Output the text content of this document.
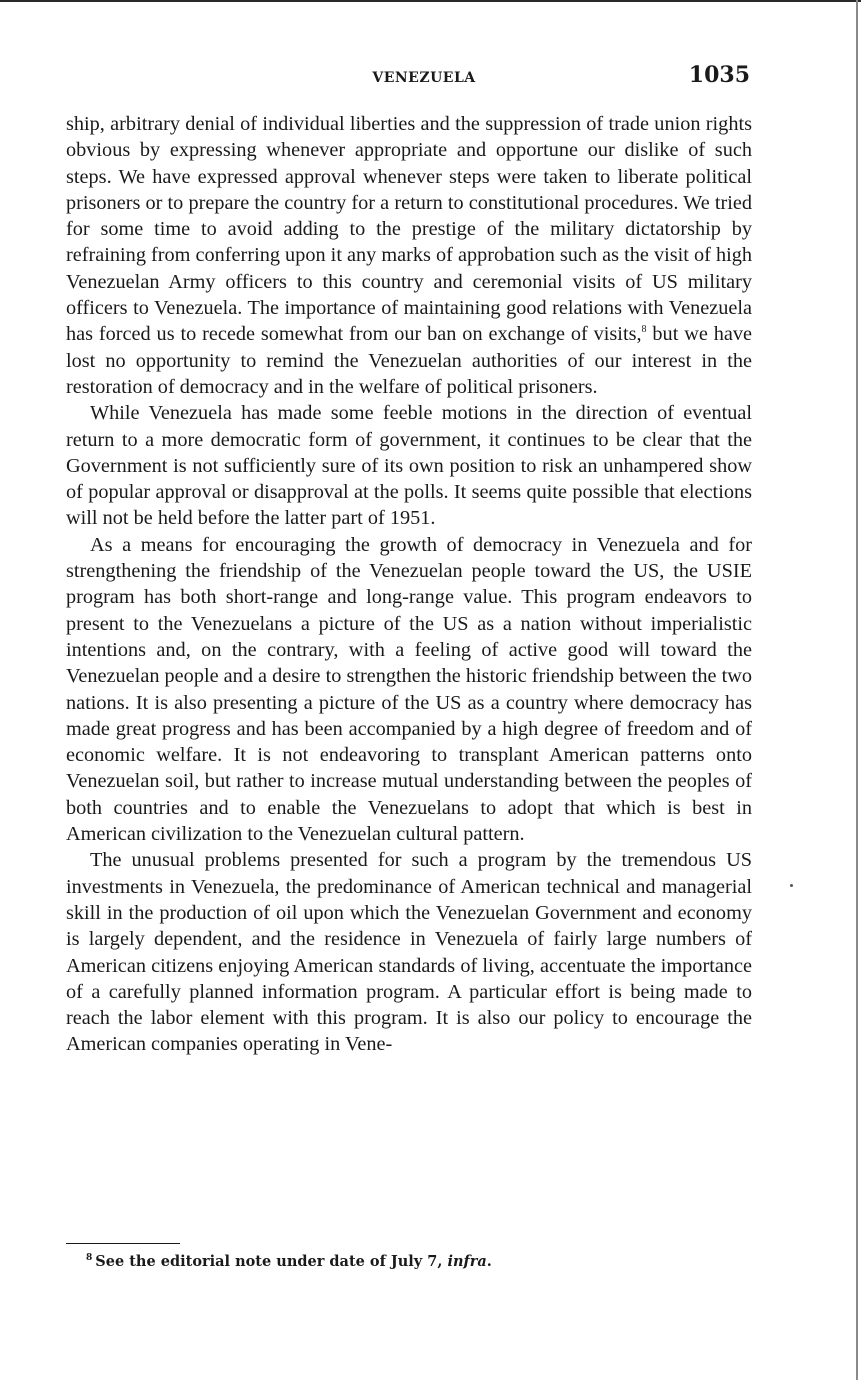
VENEZUELA	1035

ship, arbitrary denial of individual liberties and the suppression of trade union rights obvious by expressing whenever appropriate and opportune our dislike of such steps. We have expressed approval whenever steps were taken to liberate political prisoners or to prepare the country for a return to constitutional procedures. We tried for some time to avoid adding to the prestige of the military dictatorship by refraining from conferring upon it any marks of approbation such as the visit of high Venezuelan Army officers to this country and ceremonial visits of US military officers to Venezuela. The importance of maintaining good relations with Venezuela has forced us to recede somewhat from our ban on exchange of visits,$^8$ but we have lost no opportunity to remind the Venezuelan authorities of our interest in the restoration of democracy and in the welfare of political prisoners.

While Venezuela has made some feeble motions in the direction of eventual return to a more democratic form of government, it continues to be clear that the Government is not sufficiently sure of its own position to risk an unhampered show of popular approval or disapproval at the polls. It seems quite possible that elections will not be held before the latter part of 1951.

As a means for encouraging the growth of democracy in Venezuela and for strengthening the friendship of the Venezuelan people toward the US, the USIE program has both short-range and long-range value. This program endeavors to present to the Venezuelans a picture of the US as a nation without imperialistic intentions and, on the contrary, with a feeling of active good will toward the Venezuelan people and a desire to strengthen the historic friendship between the two nations. It is also presenting a picture of the US as a country where democracy has made great progress and has been accompanied by a high degree of freedom and of economic welfare. It is not endeavoring to transplant American patterns onto Venezuelan soil, but rather to increase mutual understanding between the peoples of both countries and to enable the Venezuelans to adopt that which is best in American civilization to the Venezuelan cultural pattern.

The unusual problems presented for such a program by the tremendous US investments in Venezuela, the predominance of American technical and managerial skill in the production of oil upon which the Venezuelan Government and economy is largely dependent, and the residence in Venezuela of fairly large numbers of American citizens enjoying American standards of living, accentuate the importance of a carefully planned information program. A particular effort is being made to reach the labor element with this program. It is also our policy to encourage the American companies operating in Vene-

$^8$ See the editorial note under date of July 7, infra.
